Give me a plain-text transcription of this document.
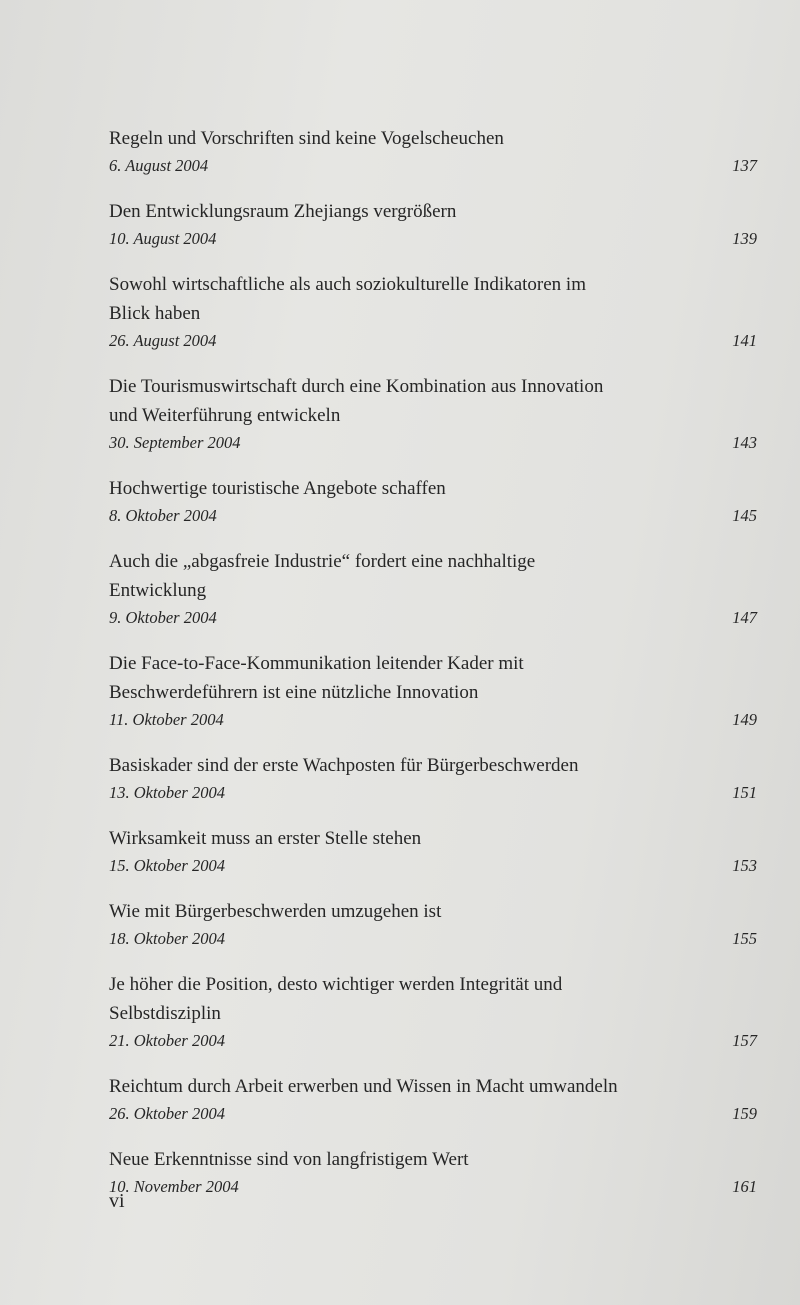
Regeln und Vorschriften sind keine Vogelscheuchen
6. August 2004	137
Den Entwicklungsraum Zhejiangs vergrößern
10. August 2004	139
Sowohl wirtschaftliche als auch soziokulturelle Indikatoren im
Blick haben
26. August 2004	141
Die Tourismuswirtschaft durch eine Kombination aus Innovation
und Weiterführung entwickeln
30. September 2004	143
Hochwertige touristische Angebote schaffen
8. Oktober 2004	145
Auch die „abgasfreie Industrie“ fordert eine nachhaltige
Entwicklung
9. Oktober 2004	147
Die Face-to-Face-Kommunikation leitender Kader mit
Beschwerdeführern ist eine nützliche Innovation
11. Oktober 2004	149
Basiskader sind der erste Wachposten für Bürgerbeschwerden
13. Oktober 2004	151
Wirksamkeit muss an erster Stelle stehen
15. Oktober 2004	153
Wie mit Bürgerbeschwerden umzugehen ist
18. Oktober 2004	155
Je höher die Position, desto wichtiger werden Integrität und
Selbstdisziplin
21. Oktober 2004	157
Reichtum durch Arbeit erwerben und Wissen in Macht umwandeln
26. Oktober 2004	159
Neue Erkenntnisse sind von langfristigem Wert
10. November 2004	161
vi
